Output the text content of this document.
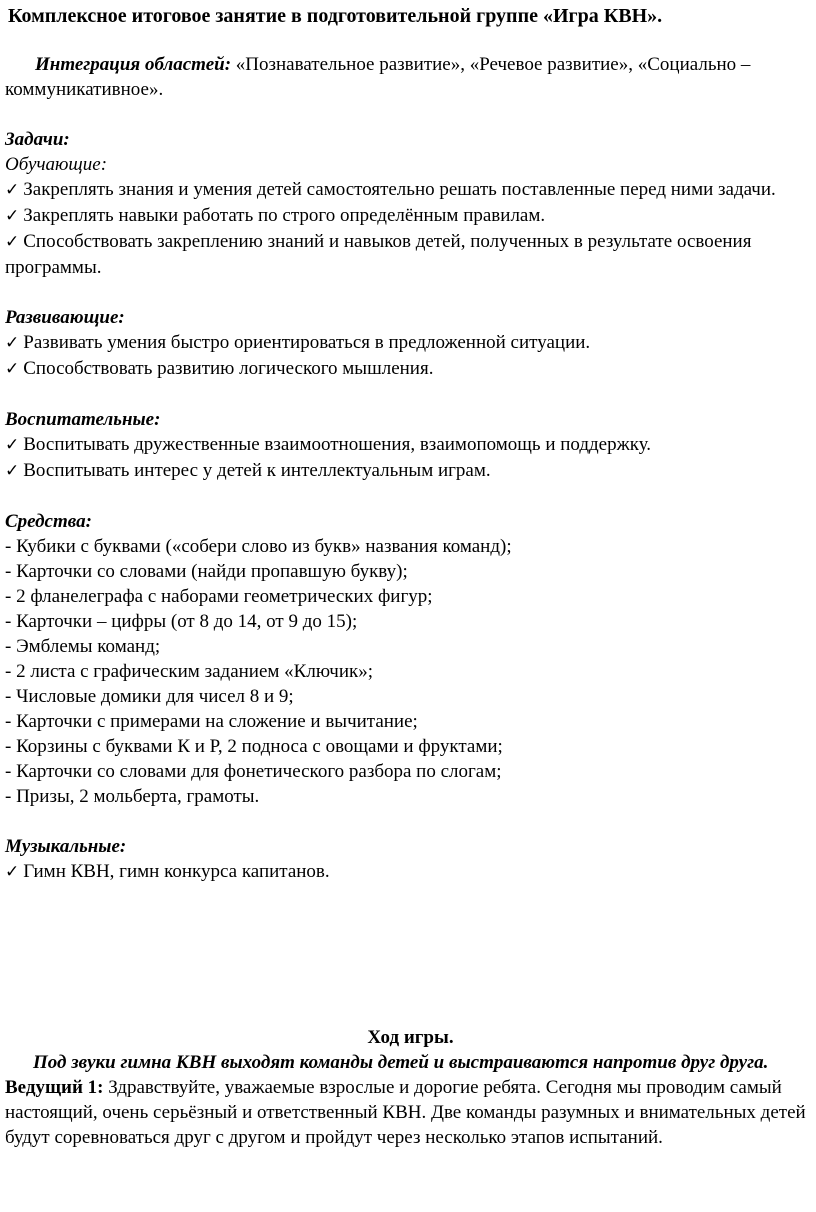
Комплексное итоговое занятие в подготовительной группе «Игра КВН».

Интеграция областей: «Познавательное развитие», «Речевое развитие», «Социально – коммуникативное».

Задачи:

Обучающие:

✓ Закреплять знания и умения детей самостоятельно решать поставленные перед ними задачи.

✓ Закреплять навыки работать по строго определённым правилам.

✓ Способствовать закреплению знаний и навыков детей, полученных в результате освоения программы.

Развивающие:

✓ Развивать умения быстро ориентироваться в предложенной ситуации.

✓ Способствовать развитию логического мышления.

Воспитательные:

✓ Воспитывать дружественные взаимоотношения, взаимопомощь и поддержку.

✓ Воспитывать интерес у детей к интеллектуальным играм.

Средства:

- Кубики с буквами («собери слово из букв» названия команд);

- Карточки со словами (найди пропавшую букву);

- 2 фланелеграфа с наборами геометрических фигур;

- Карточки – цифры (от 8 до 14, от 9 до 15);

- Эмблемы команд;

- 2 листа с графическим заданием «Ключик»;

- Числовые домики для чисел 8 и 9;

- Карточки с примерами на сложение и вычитание;

- Корзины с буквами К и Р, 2 подноса с овощами и фруктами;

- Карточки со словами для фонетического разбора по слогам;

- Призы, 2 мольберта, грамоты.

Музыкальные:

✓ Гимн КВН, гимн конкурса капитанов.

Ход игры.

Под звуки гимна КВН выходят команды детей и выстраиваются напротив друг друга.

Ведущий 1: Здравствуйте, уважаемые взрослые и дорогие ребята. Сегодня мы проводим самый настоящий, очень серьёзный и ответственный КВН. Две команды разумных и внимательных детей будут соревноваться друг с другом и пройдут через несколько этапов испытаний.
